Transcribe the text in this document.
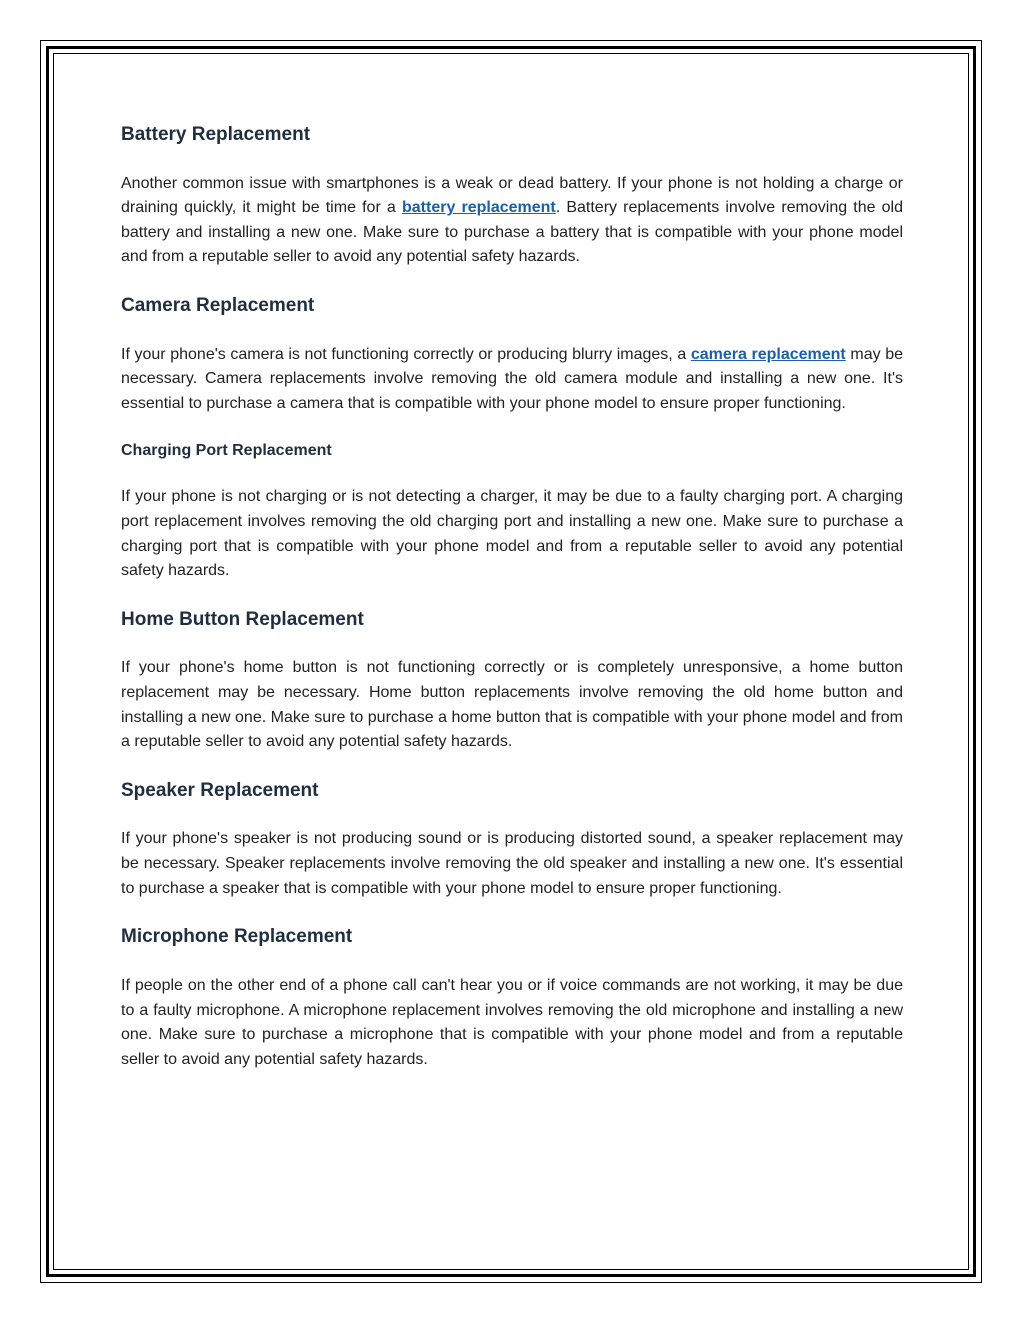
Battery Replacement

Another common issue with smartphones is a weak or dead battery. If your phone is not holding a charge or draining quickly, it might be time for a battery replacement. Battery replacements involve removing the old battery and installing a new one. Make sure to purchase a battery that is compatible with your phone model and from a reputable seller to avoid any potential safety hazards.

Camera Replacement

If your phone's camera is not functioning correctly or producing blurry images, a camera replacement may be necessary. Camera replacements involve removing the old camera module and installing a new one. It's essential to purchase a camera that is compatible with your phone model to ensure proper functioning.

Charging Port Replacement

If your phone is not charging or is not detecting a charger, it may be due to a faulty charging port. A charging port replacement involves removing the old charging port and installing a new one. Make sure to purchase a charging port that is compatible with your phone model and from a reputable seller to avoid any potential safety hazards.

Home Button Replacement

If your phone's home button is not functioning correctly or is completely unresponsive, a home button replacement may be necessary. Home button replacements involve removing the old home button and installing a new one. Make sure to purchase a home button that is compatible with your phone model and from a reputable seller to avoid any potential safety hazards.

Speaker Replacement

If your phone's speaker is not producing sound or is producing distorted sound, a speaker replacement may be necessary. Speaker replacements involve removing the old speaker and installing a new one. It's essential to purchase a speaker that is compatible with your phone model to ensure proper functioning.

Microphone Replacement

If people on the other end of a phone call can't hear you or if voice commands are not working, it may be due to a faulty microphone. A microphone replacement involves removing the old microphone and installing a new one. Make sure to purchase a microphone that is compatible with your phone model and from a reputable seller to avoid any potential safety hazards.
